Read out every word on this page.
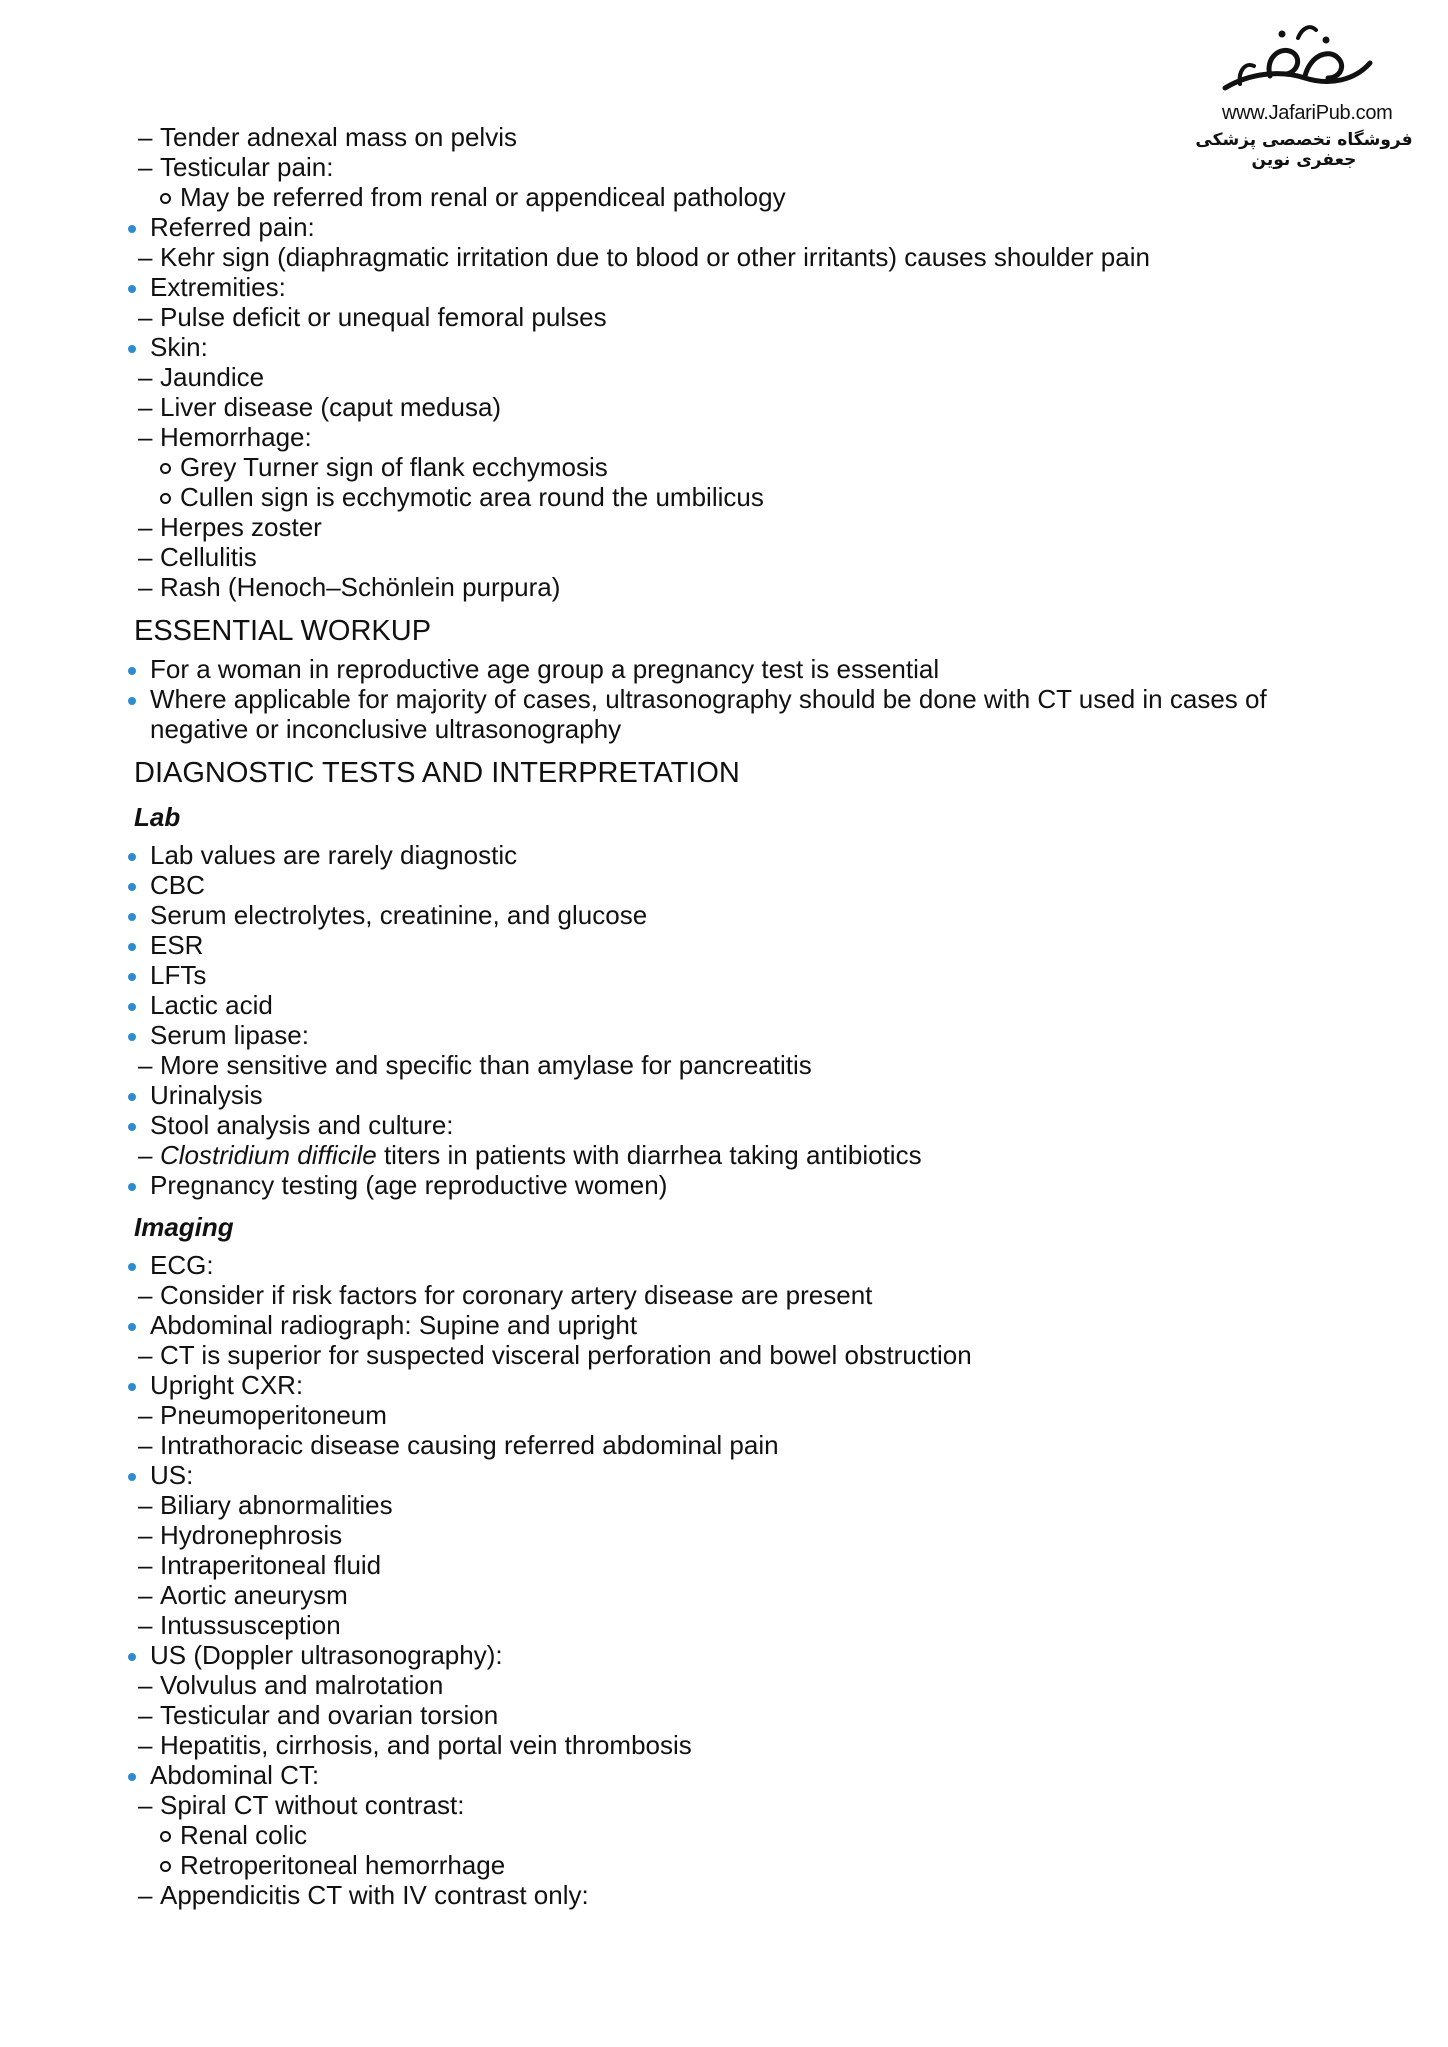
www.JafariPub.com
فروشگاه تخصصی پزشکی جعفری نوین
– Tender adnexal mass on pelvis
– Testicular pain:
May be referred from renal or appendiceal pathology
Referred pain:
– Kehr sign (diaphragmatic irritation due to blood or other irritants) causes shoulder pain
Extremities:
– Pulse deficit or unequal femoral pulses
Skin:
– Jaundice
– Liver disease (caput medusa)
– Hemorrhage:
Grey Turner sign of flank ecchymosis
Cullen sign is ecchymotic area round the umbilicus
– Herpes zoster
– Cellulitis
– Rash (Henoch–Schönlein purpura)
ESSENTIAL WORKUP
For a woman in reproductive age group a pregnancy test is essential
Where applicable for majority of cases, ultrasonography should be done with CT used in cases of negative or inconclusive ultrasonography
DIAGNOSTIC TESTS AND INTERPRETATION
Lab
Lab values are rarely diagnostic
CBC
Serum electrolytes, creatinine, and glucose
ESR
LFTs
Lactic acid
Serum lipase:
– More sensitive and specific than amylase for pancreatitis
Urinalysis
Stool analysis and culture:
– Clostridium difficile titers in patients with diarrhea taking antibiotics
Pregnancy testing (age reproductive women)
Imaging
ECG:
– Consider if risk factors for coronary artery disease are present
Abdominal radiograph: Supine and upright
– CT is superior for suspected visceral perforation and bowel obstruction
Upright CXR:
– Pneumoperitoneum
– Intrathoracic disease causing referred abdominal pain
US:
– Biliary abnormalities
– Hydronephrosis
– Intraperitoneal fluid
– Aortic aneurysm
– Intussusception
US (Doppler ultrasonography):
– Volvulus and malrotation
– Testicular and ovarian torsion
– Hepatitis, cirrhosis, and portal vein thrombosis
Abdominal CT:
– Spiral CT without contrast:
Renal colic
Retroperitoneal hemorrhage
– Appendicitis CT with IV contrast only:
